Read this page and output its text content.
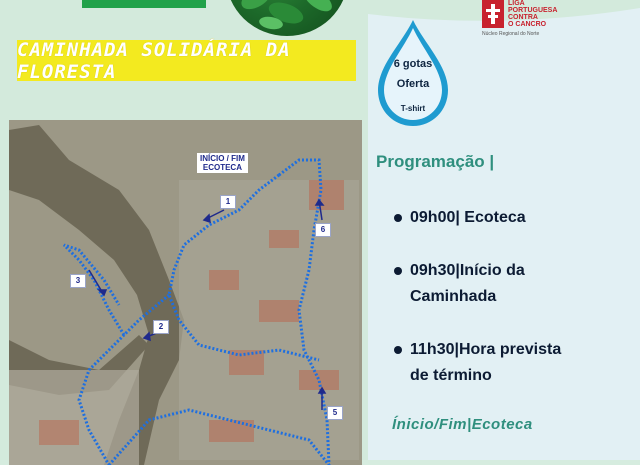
CAMINHADA SOLIDÁRIA DA FLORESTA
INÍCIO / FIM
ECOTECA
1
2
3
5
6
6 gotas
Oferta
T-shirt
LIGA
PORTUGUESA
CONTRA
O CANCRO
Núcleo Regional do Norte
Programação |
09h00| Ecoteca
09h30|Início da
Caminhada
11h30|Hora prevista
de término
Ínicio/Fim|Ecoteca
